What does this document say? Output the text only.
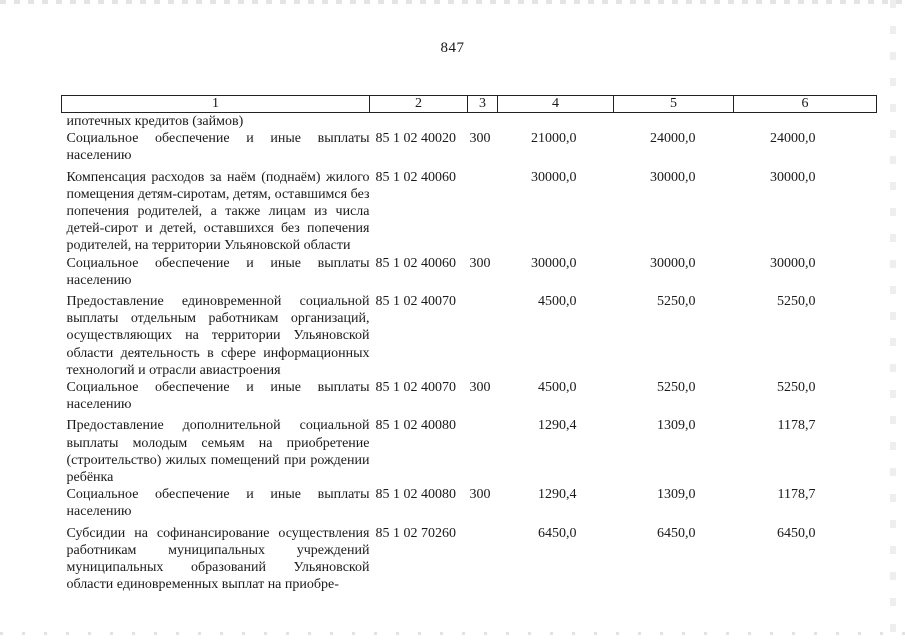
847
1	2	3	4	5	6
ипотечных кредитов (займов)					
Социальное обеспечение и иные выплаты населению	85 1 02 40020	300	21000,0	24000,0	24000,0
Компенсация расходов за наём (поднаём) жилого помещения детям-сиротам, детям, оставшимся без попечения родителей, а также лицам из числа детей-сирот и детей, оставшихся без попечения родителей, на территории Ульяновской области	85 1 02 40060		30000,0	30000,0	30000,0
Социальное обеспечение и иные выплаты населению	85 1 02 40060	300	30000,0	30000,0	30000,0
Предоставление единовременной социальной выплаты отдельным работникам организаций, осуществляющих на территории Ульяновской области деятельность в сфере информационных технологий и отрасли авиастроения	85 1 02 40070		4500,0	5250,0	5250,0
Социальное обеспечение и иные выплаты населению	85 1 02 40070	300	4500,0	5250,0	5250,0
Предоставление дополнительной социальной выплаты молодым семьям на приобретение (строительство) жилых помещений при рождении ребёнка	85 1 02 40080		1290,4	1309,0	1178,7
Социальное обеспечение и иные выплаты населению	85 1 02 40080	300	1290,4	1309,0	1178,7
Субсидии на софинансирование осуществления работникам муниципальных учреждений муниципальных образований Ульяновской области единовременных выплат на приобре-	85 1 02 70260		6450,0	6450,0	6450,0
